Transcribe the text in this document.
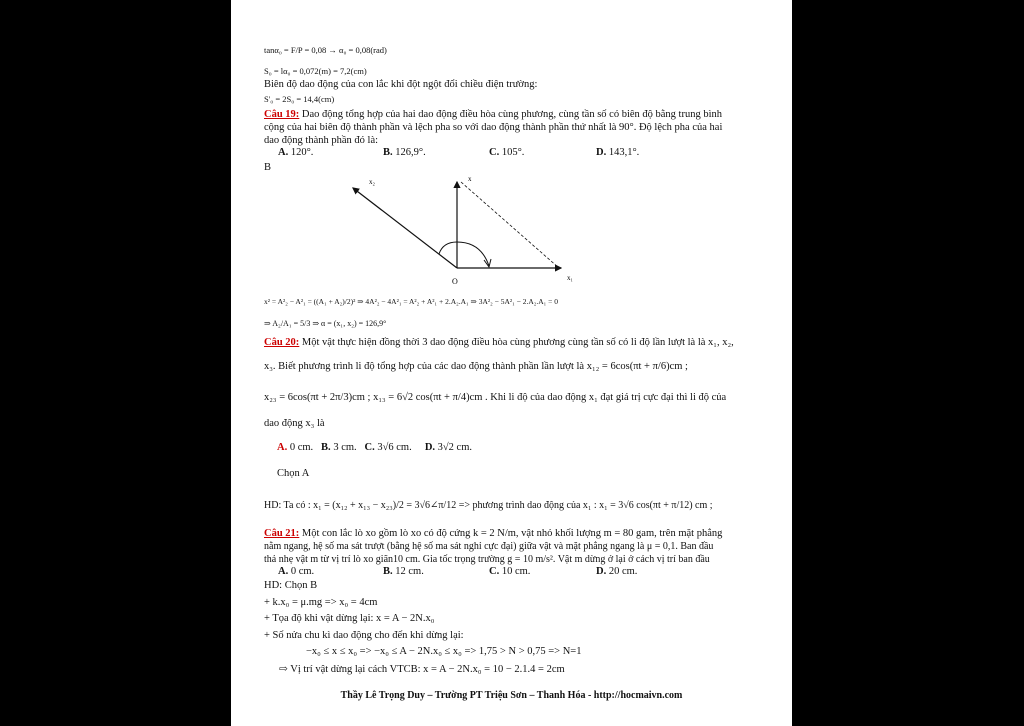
tanα₀ = F/P = 0,08 → α₀ = 0,08(rad)
S₀ = lα₀ = 0,072(m) = 7,2(cm)
Biên độ dao động của con lắc khi đột ngột đổi chiều điện trường:
S'₀ = 2S₀ = 14,4(cm)
Câu 19: Dao động tổng hợp của hai dao động điều hòa cùng phương, cùng tần số có biên độ bằng trung bình
cộng của hai biên độ thành phần và lệch pha so với dao động thành phần thứ nhất là 90°. Độ lệch pha của hai
dao động thành phần đó là:
A. 120°.	B. 126,9°.	C. 105°.	D. 143,1°.
B
x₂	x
x₁
O
x² = A²₂ − A²₁ = ((A₁ + A₂)/2)² ⇒ 4A²₂ − 4A²₁ = A²₂ + A²₁ + 2.A₂.A₁ ⇒ 3A²₂ − 5A²₁ − 2.A₂.A₁ = 0
⇒ A₂/A₁ = 5/3 ⇒ α = (x₁, x₂) = 126,9°
Câu 20: Một vật thực hiện đồng thời 3 dao động điều hòa cùng phương cùng tần số có li độ lần lượt là là x₁, x₂,
x₃. Biết phương trình li độ tổng hợp của các dao động thành phần lần lượt là x₁₂ = 6cos(πt + π/6)cm ;
x₂₃ = 6cos(πt + 2π/3)cm ; x₁₃ = 6√2 cos(πt + π/4)cm . Khi li độ của dao động x₁ đạt giá trị cực đại thì li độ của
dao động x₃ là
A. 0 cm. B. 3 cm. C. 3√6 cm. D. 3√2 cm.
Chọn A
HD: Ta có : x₁ = (x₁₂ + x₁₃ − x₂₃)/2 = 3√6∠π/12 => phương trình dao động của x₁ : x₁ = 3√6 cos(πt + π/12) cm ;
Câu 21: Một con lắc lò xo gồm lò xo có độ cứng k = 2 N/m, vật nhỏ khối lượng m = 80 gam, trên mặt phẳng
nằm ngang, hệ số ma sát trượt (bằng hệ số ma sát nghỉ cực đại) giữa vật và mặt phẳng ngang là μ = 0,1. Ban đầu
thả nhẹ vật m từ vị trí lò xo giãn10 cm. Gia tốc trọng trường g = 10 m/s². Vật m dừng ở lại ở cách vị trí ban đầu
A. 0 cm.	B. 12 cm.	C. 10 cm.	D. 20 cm.
HD: Chọn B
+ k.x₀ = μ.mg => x₀ = 4cm
+ Tọa độ khi vật dừng lại: x = A − 2N.x₀
+ Số nửa chu kì dao động cho đến khi dừng lại:
−x₀ ≤ x ≤ x₀ => −x₀ ≤ A − 2N.x₀ ≤ x₀ => 1,75 > N > 0,75 => N=1
⇨ Vị trí vật dừng lại cách VTCB: x = A − 2N.x₀ = 10 − 2.1.4 = 2cm
Thầy Lê Trọng Duy – Trường PT Triệu Sơn – Thanh Hóa - http://hocmaivn.com
